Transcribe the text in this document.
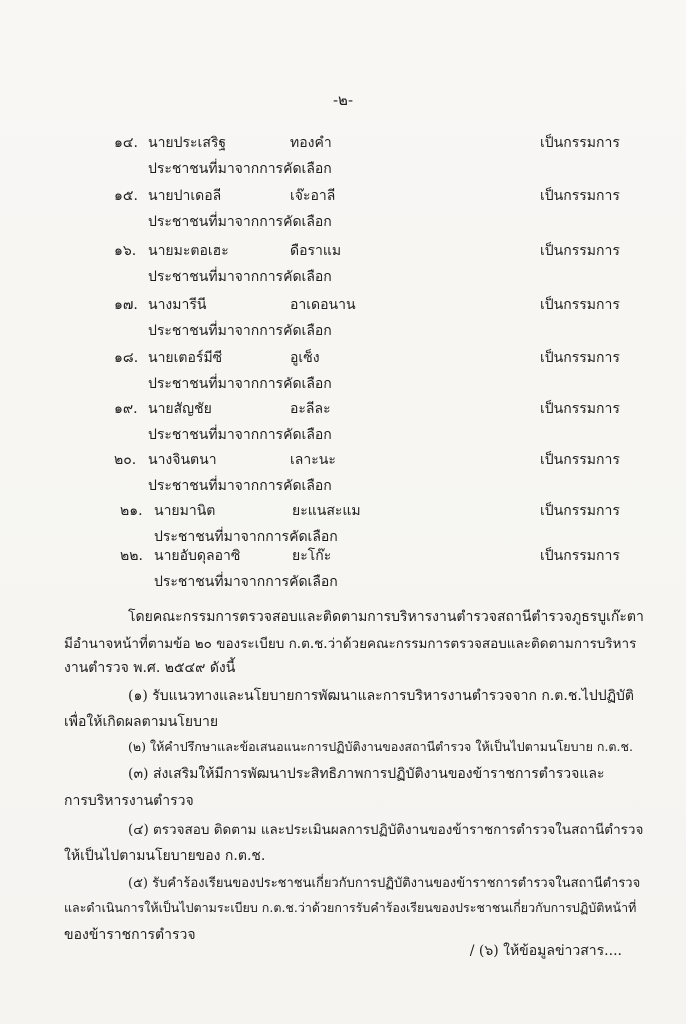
-๒-
๑๔. นายประเสริฐ	ทองคำ	เป็นกรรมการ
ประชาชนที่มาจากการคัดเลือก
๑๕. นายปาเดอลี	เจ๊ะอาลี	เป็นกรรมการ
ประชาชนที่มาจากการคัดเลือก
๑๖. นายมะตอเฮะ	ดือราแม	เป็นกรรมการ
ประชาชนที่มาจากการคัดเลือก
๑๗. นางมารีนี	อาเดอนาน	เป็นกรรมการ
ประชาชนที่มาจากการคัดเลือก
๑๘. นายเตอร์มีซี	อูเซ็ง	เป็นกรรมการ
ประชาชนที่มาจากการคัดเลือก
๑๙. นายสัญชัย	อะลีละ	เป็นกรรมการ
ประชาชนที่มาจากการคัดเลือก
๒๐. นางจินตนา	เลาะนะ	เป็นกรรมการ
ประชาชนที่มาจากการคัดเลือก
๒๑. นายมานิต	ยะแนสะแม	เป็นกรรมการ
ประชาชนที่มาจากการคัดเลือก
๒๒. นายอับดุลอาซิ	ยะโก๊ะ	เป็นกรรมการ
ประชาชนที่มาจากการคัดเลือก
โดยคณะกรรมการตรวจสอบและติดตามการบริหารงานตำรวจสถานีตำรวจภูธรบูเก๊ะตา
มีอำนาจหน้าที่ตามข้อ ๒๐ ของระเบียบ ก.ต.ช.ว่าด้วยคณะกรรมการตรวจสอบและติดตามการบริหาร
งานตำรวจ พ.ศ. ๒๕๔๙ ดังนี้
(๑) รับแนวทางและนโยบายการพัฒนาและการบริหารงานตำรวจจาก ก.ต.ช.ไปปฏิบัติ
เพื่อให้เกิดผลตามนโยบาย
(๒) ให้คำปรึกษาและข้อเสนอแนะการปฏิบัติงานของสถานีตำรวจ ให้เป็นไปตามนโยบาย ก.ต.ช.
(๓) ส่งเสริมให้มีการพัฒนาประสิทธิภาพการปฏิบัติงานของข้าราชการตำรวจและ
การบริหารงานตำรวจ
(๔) ตรวจสอบ ติดตาม และประเมินผลการปฏิบัติงานของข้าราชการตำรวจในสถานีตำรวจ
ให้เป็นไปตามนโยบายของ ก.ต.ช.
(๕) รับคำร้องเรียนของประชาชนเกี่ยวกับการปฏิบัติงานของข้าราชการตำรวจในสถานีตำรวจ
และดำเนินการให้เป็นไปตามระเบียบ ก.ต.ช.ว่าด้วยการรับคำร้องเรียนของประชาชนเกี่ยวกับการปฏิบัติหน้าที่
ของข้าราชการตำรวจ
/ (๖) ให้ข้อมูลข่าวสาร....
